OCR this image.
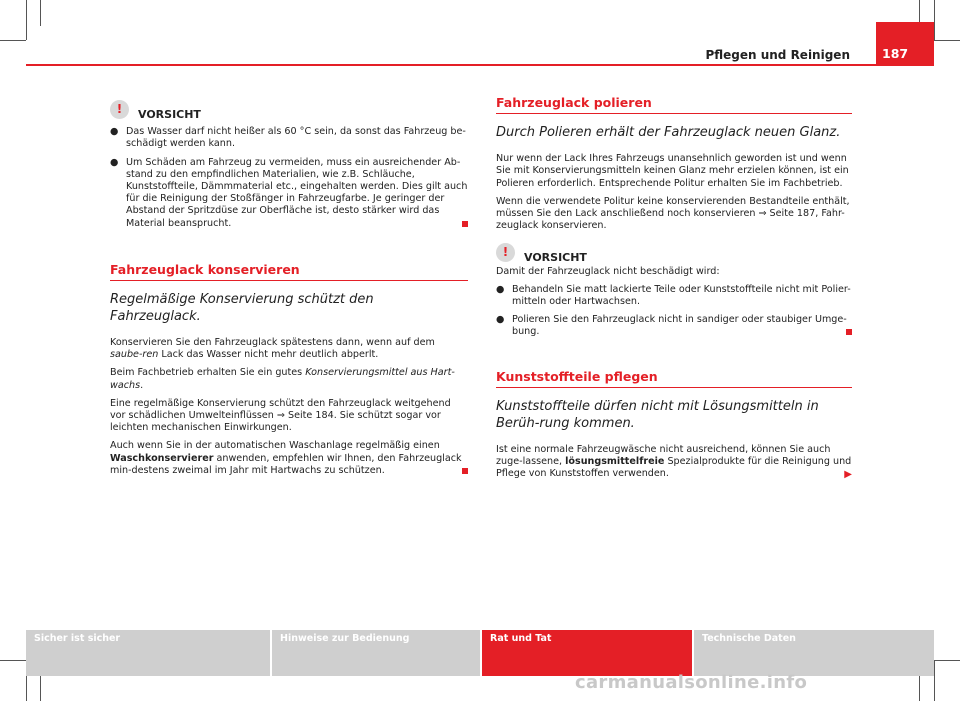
Pflegen und Reinigen	187
!	VORSICHT
● Das Wasser darf nicht heißer als 60 °C sein, da sonst das Fahrzeug be-schädigt werden kann.
● Um Schäden am Fahrzeug zu vermeiden, muss ein ausreichender Ab-stand zu den empfindlichen Materialien, wie z.B. Schläuche, Kunststoffteile, Dämmmaterial etc., eingehalten werden. Dies gilt auch für die Reinigung der Stoßfänger in Fahrzeugfarbe. Je geringer der Abstand der Spritzdüse zur Oberfläche ist, desto stärker wird das Material beansprucht.
Fahrzeuglack konservieren
Regelmäßige Konservierung schützt den Fahrzeuglack.

Konservieren Sie den Fahrzeuglack spätestens dann, wenn auf dem saube-ren Lack das Wasser nicht mehr deutlich abperlt.

Beim Fachbetrieb erhalten Sie ein gutes Konservierungsmittel aus Hart-wachs.

Eine regelmäßige Konservierung schützt den Fahrzeuglack weitgehend vor schädlichen Umwelteinflüssen ⇒ Seite 184. Sie schützt sogar vor leichten mechanischen Einwirkungen.

Auch wenn Sie in der automatischen Waschanlage regelmäßig einen Waschkonservierer anwenden, empfehlen wir Ihnen, den Fahrzeuglack min-destens zweimal im Jahr mit Hartwachs zu schützen.

Fahrzeuglack polieren
Durch Polieren erhält der Fahrzeuglack neuen Glanz.

Nur wenn der Lack Ihres Fahrzeugs unansehnlich geworden ist und wenn Sie mit Konservierungsmitteln keinen Glanz mehr erzielen können, ist ein Polieren erforderlich. Entsprechende Politur erhalten Sie im Fachbetrieb.

Wenn die verwendete Politur keine konservierenden Bestandteile enthält, müssen Sie den Lack anschließend noch konservieren ⇒ Seite 187, Fahr-zeuglack konservieren.

!	VORSICHT

Damit der Fahrzeuglack nicht beschädigt wird:

● Behandeln Sie matt lackierte Teile oder Kunststoffteile nicht mit Polier-mitteln oder Hartwachsen.
● Polieren Sie den Fahrzeuglack nicht in sandiger oder staubiger Umge-bung.
Kunststoffteile pflegen
Kunststoffteile dürfen nicht mit Lösungsmitteln in Berüh-rung kommen.

Ist eine normale Fahrzeugwäsche nicht ausreichend, können Sie auch zuge-lassene, lösungsmittelfreie Spezialprodukte für die Reinigung und Pflege von Kunststoffen verwenden.	▶

Sicher ist sicher	Hinweise zur Bedienung	Rat und Tat	Technische Daten
carmanualsonline.info
